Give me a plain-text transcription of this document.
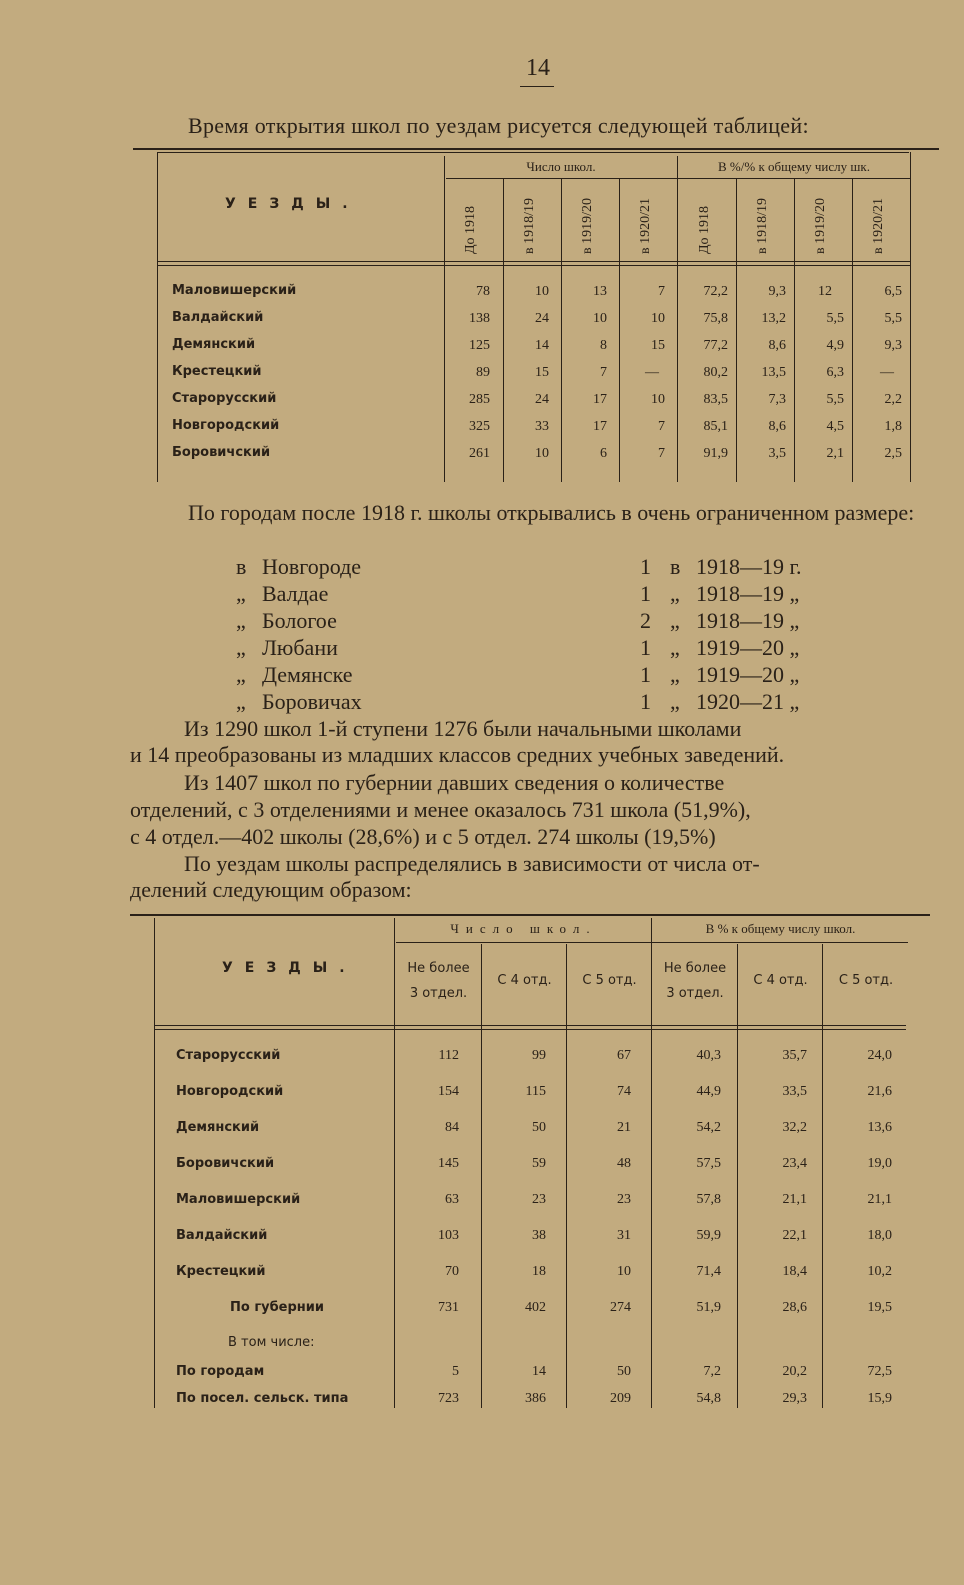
14
Время открытия школ по уездам рисуется следующей таблицей:
УЕЗДЫ.
Число школ.	В %/% к общему числу шк.
До 1918	в 1918/19	в 1919/20	в 1920/21	До 1918	в 1918/19	в 1919/20	в 1920/21
Маловишерский	78	10	13	7	72,2	9,3	12	6,5
Валдайский	138	24	10	10	75,8	13,2	5,5	5,5
Демянский	125	14	8	15	77,2	8,6	4,9	9,3
Крестецкий	89	15	7	—	80,2	13,5	6,3	—
Старорусский	285	24	17	10	83,5	7,3	5,5	2,2
Новгородский	325	33	17	7	85,1	8,6	4,5	1,8
Боровичский	261	10	6	7	91,9	3,5	2,1	2,5
По городам после 1918 г. школы открывались в очень ограниченном размере:
в Новгороде	1 в 1918—19 г.
„ Валдае	1 „ 1918—19 „
„ Бологое	2 „ 1918—19 „
„ Любани	1 „ 1919—20 „
„ Демянске	1 „ 1919—20 „
„ Боровичах	1 „ 1920—21 „
Из 1290 школ 1-й ступени 1276 были начальными школами
и 14 преобразованы из младших классов средних учебных заведений.
Из 1407 школ по губернии давших сведения о количестве
отделений, с 3 отделениями и менее оказалось 731 школа (51,9%),
с 4 отдел.—402 школы (28,6%) и с 5 отдел. 274 школы (19,5%)
По уездам школы распределялись в зависимости от числа от-
делений следующим образом:
УЕЗДЫ.
Число школ.	В % к общему числу школ.
Не более
3 отдел.
С 4 отд.	С 5 отд.
Не более
3 отдел.
С 4 отд.	С 5 отд.
Старорусский	112	99	67	40,3	35,7	24,0
Новгородский	154	115	74	44,9	33,5	21,6
Демянский	84	50	21	54,2	32,2	13,6
Боровичский	145	59	48	57,5	23,4	19,0
Маловишерский	63	23	23	57,8	21,1	21,1
Валдайский	103	38	31	59,9	22,1	18,0
Крестецкий	70	18	10	71,4	18,4	10,2
По губернии	731	402	274	51,9	28,6	19,5
В том числе:
По городам	5	14	50	7,2	20,2	72,5
По посел. сельск. типа	723	386	209	54,8	29,3	15,9
